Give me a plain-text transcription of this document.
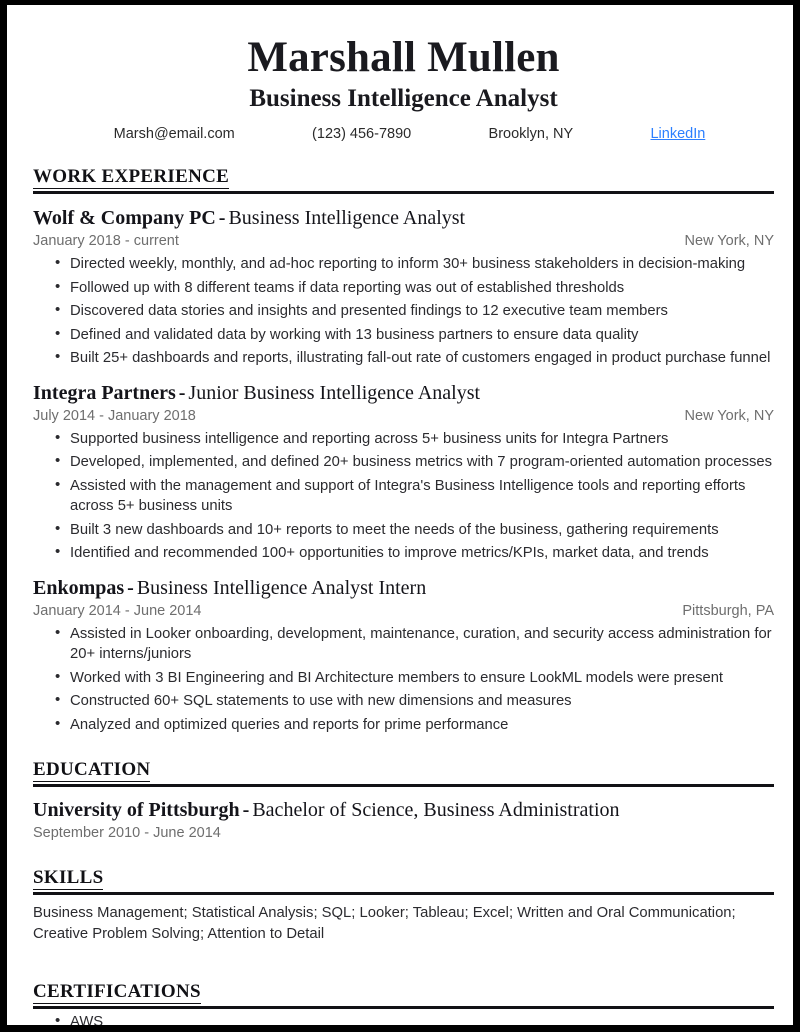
Marshall Mullen
Business Intelligence Analyst
Marsh@email.com	(123) 456-7890	Brooklyn, NY	LinkedIn
WORK EXPERIENCE
Wolf & Company PC - Business Intelligence Analyst
January 2018 - current	New York, NY
• Directed weekly, monthly, and ad-hoc reporting to inform 30+ business stakeholders in decision-making
• Followed up with 8 different teams if data reporting was out of established thresholds
• Discovered data stories and insights and presented findings to 12 executive team members
• Defined and validated data by working with 13 business partners to ensure data quality
• Built 25+ dashboards and reports, illustrating fall-out rate of customers engaged in product purchase funnel
Integra Partners - Junior Business Intelligence Analyst
July 2014 - January 2018	New York, NY
• Supported business intelligence and reporting across 5+ business units for Integra Partners
• Developed, implemented, and defined 20+ business metrics with 7 program-oriented automation processes
• Assisted with the management and support of Integra's Business Intelligence tools and reporting efforts across 5+ business units
• Built 3 new dashboards and 10+ reports to meet the needs of the business, gathering requirements
• Identified and recommended 100+ opportunities to improve metrics/KPIs, market data, and trends
Enkompas - Business Intelligence Analyst Intern
January 2014 - June 2014	Pittsburgh, PA
• Assisted in Looker onboarding, development, maintenance, curation, and security access administration for 20+ interns/juniors
• Worked with 3 BI Engineering and BI Architecture members to ensure LookML models were present
• Constructed 60+ SQL statements to use with new dimensions and measures
• Analyzed and optimized queries and reports for prime performance
EDUCATION
University of Pittsburgh - Bachelor of Science, Business Administration
September 2010 - June 2014
SKILLS
Business Management; Statistical Analysis; SQL; Looker; Tableau; Excel; Written and Oral Communication; Creative Problem Solving; Attention to Detail
CERTIFICATIONS
• AWS
